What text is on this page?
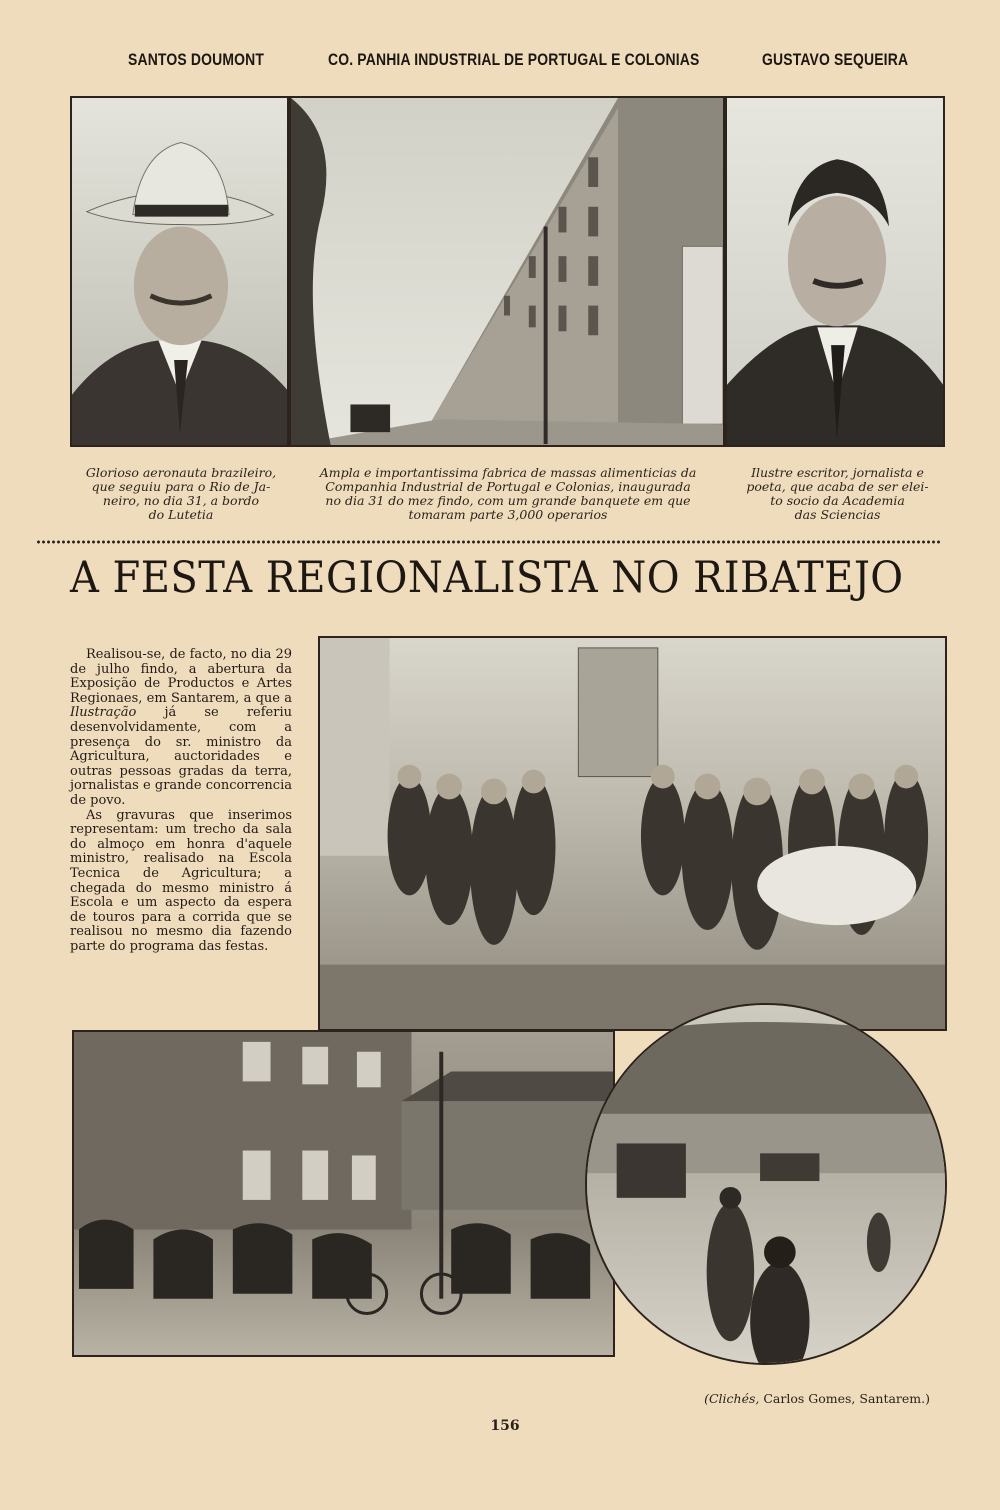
SANTOS DOUMONT	CO. PANHIA INDUSTRIAL DE PORTUGAL E COLONIAS	GUSTAVO SEQUEIRA
Glorioso aeronauta brazileiro,
que seguiu para o Rio de Ja-
neiro, no dia 31, a bordo
do Lutetia
Ampla e importantissima fabrica de massas alimenticias da
Companhia Industrial de Portugal e Colonias, inaugurada
no dia 31 do mez findo, com um grande banquete em que
tomaram parte 3,000 operarios
Ilustre escritor, jornalista e
poeta, que acaba de ser elei-
to socio da Academia
das Sciencias
A FESTA REGIONALISTA NO RIBATEJO

Realisou-se, de facto, no dia 29 de julho findo, a abertura da Exposição de Productos e Artes Regionaes, em Santarem, a que a Ilustração já se referiu desenvolvidamente, com a presença do sr. ministro da Agricultura, auctoridades e outras pessoas gradas da terra, jornalistas e grande concorrencia de povo.

As gravuras que inserimos representam: um trecho da sala do almoço em honra d'aquele ministro, realisado na Escola Tecnica de Agricultura; a chegada do mesmo ministro á Escola e um aspecto da espera de touros para a corrida que se realisou no mesmo dia fazendo parte do programa das festas.

(Clichés, Carlos Gomes, Santarem.)
156
